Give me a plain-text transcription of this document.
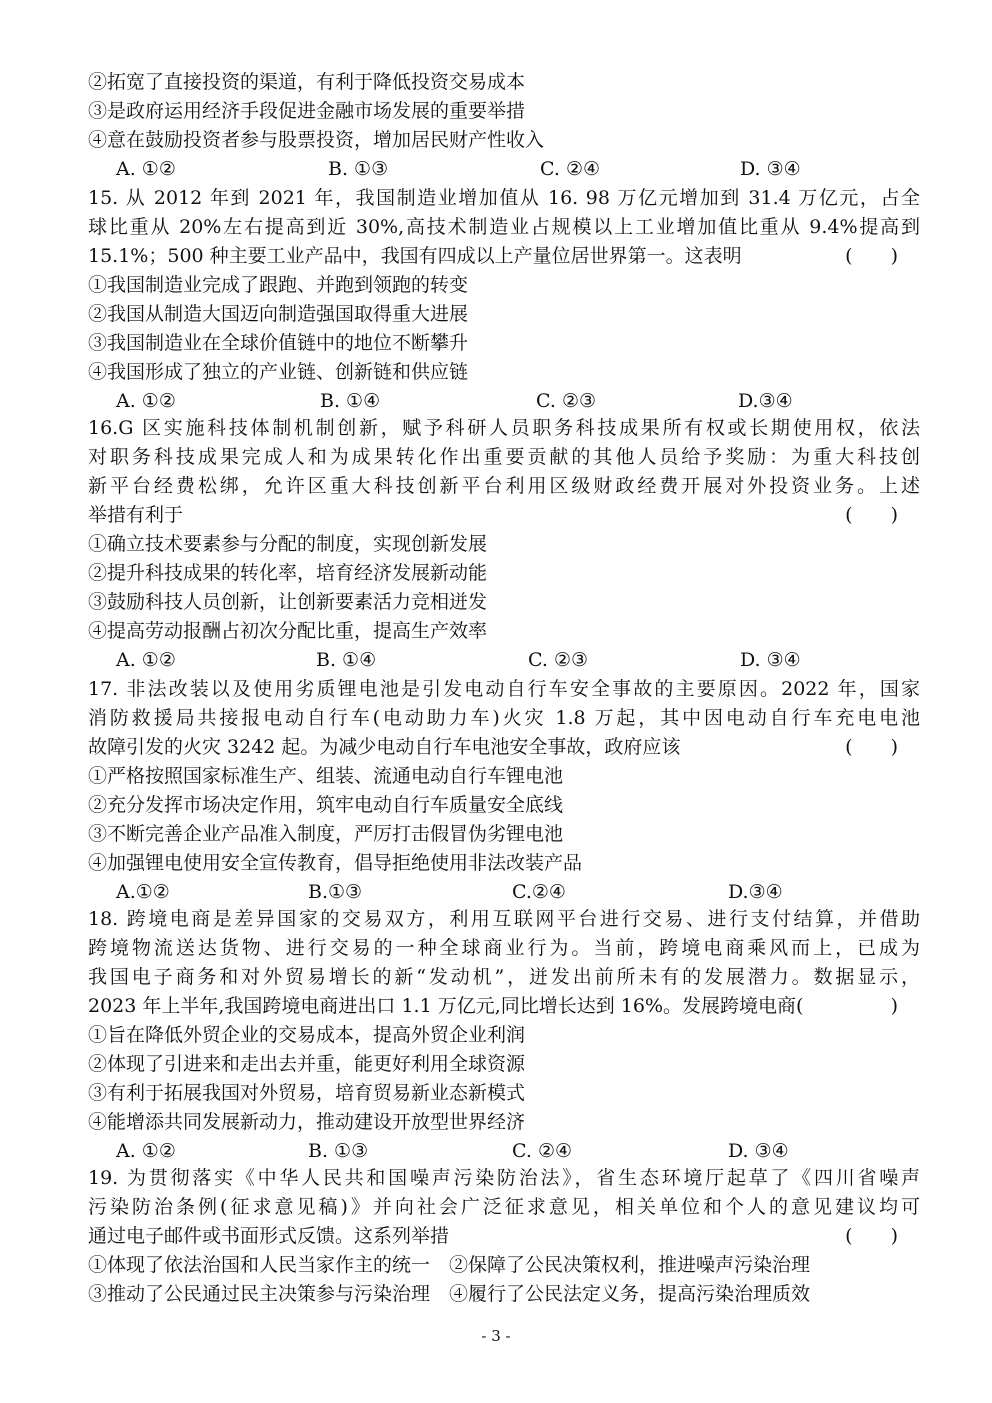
②拓宽了直接投资的渠道，有利于降低投资交易成本
③是政府运用经济手段促进金融市场发展的重要举措
④意在鼓励投资者参与股票投资，增加居民财产性收入
A. ①②	B. ①③	C. ②④	D. ③④
15. 从 2012 年到 2021 年，我国制造业增加值从 16. 98 万亿元增加到 31.4 万亿元，占全
球比重从 20%左右提高到近 30%,高技术制造业占规模以上工业增加值比重从 9.4%提高到
15.1%；500 种主要工业产品中，我国有四成以上产量位居世界第一。这表明	(　　)
①我国制造业完成了跟跑、并跑到领跑的转变
②我国从制造大国迈向制造强国取得重大进展
③我国制造业在全球价值链中的地位不断攀升
④我国形成了独立的产业链、创新链和供应链
A. ①②	B. ①④	C. ②③	D.③④
16.G 区实施科技体制机制创新，赋予科研人员职务科技成果所有权或长期使用权，依法
对职务科技成果完成人和为成果转化作出重要贡献的其他人员给予奖励：为重大科技创
新平台经费松绑，允许区重大科技创新平台利用区级财政经费开展对外投资业务。上述
举措有利于	(　　)
①确立技术要素参与分配的制度，实现创新发展
②提升科技成果的转化率，培育经济发展新动能
③鼓励科技人员创新，让创新要素活力竞相迸发
④提高劳动报酬占初次分配比重，提高生产效率
A. ①②	B. ①④	C. ②③	D. ③④
17. 非法改装以及使用劣质锂电池是引发电动自行车安全事故的主要原因。2022 年，国家
消防救援局共接报电动自行车(电动助力车)火灾 1.8 万起，其中因电动自行车充电电池
故障引发的火灾 3242 起。为减少电动自行车电池安全事故，政府应该	(　　)
①严格按照国家标准生产、组装、流通电动自行车锂电池
②充分发挥市场决定作用，筑牢电动自行车质量安全底线
③不断完善企业产品准入制度，严厉打击假冒伪劣锂电池
④加强锂电使用安全宣传教育，倡导拒绝使用非法改装产品
A.①②	B.①③	C.②④	D.③④
18. 跨境电商是差异国家的交易双方，利用互联网平台进行交易、进行支付结算，并借助
跨境物流送达货物、进行交易的一种全球商业行为。当前，跨境电商乘风而上，已成为
我国电子商务和对外贸易增长的新“发动机”，迸发出前所未有的发展潜力。数据显示，
2023 年上半年,我国跨境电商进出口 1.1 万亿元,同比增长达到 16%。发展跨境电商(	)
①旨在降低外贸企业的交易成本，提高外贸企业利润
②体现了引进来和走出去并重，能更好利用全球资源
③有利于拓展我国对外贸易，培育贸易新业态新模式
④能增添共同发展新动力，推动建设开放型世界经济
A. ①②	B. ①③	C. ②④	D. ③④
19. 为贯彻落实《中华人民共和国噪声污染防治法》，省生态环境厅起草了《四川省噪声
污染防治条例(征求意见稿)》并向社会广泛征求意见，相关单位和个人的意见建议均可
通过电子邮件或书面形式反馈。这系列举措	(　　)
①体现了依法治国和人民当家作主的统一　②保障了公民决策权利，推进噪声污染治理
③推动了公民通过民主决策参与污染治理　④履行了公民法定义务，提高污染治理质效
- 3 -
